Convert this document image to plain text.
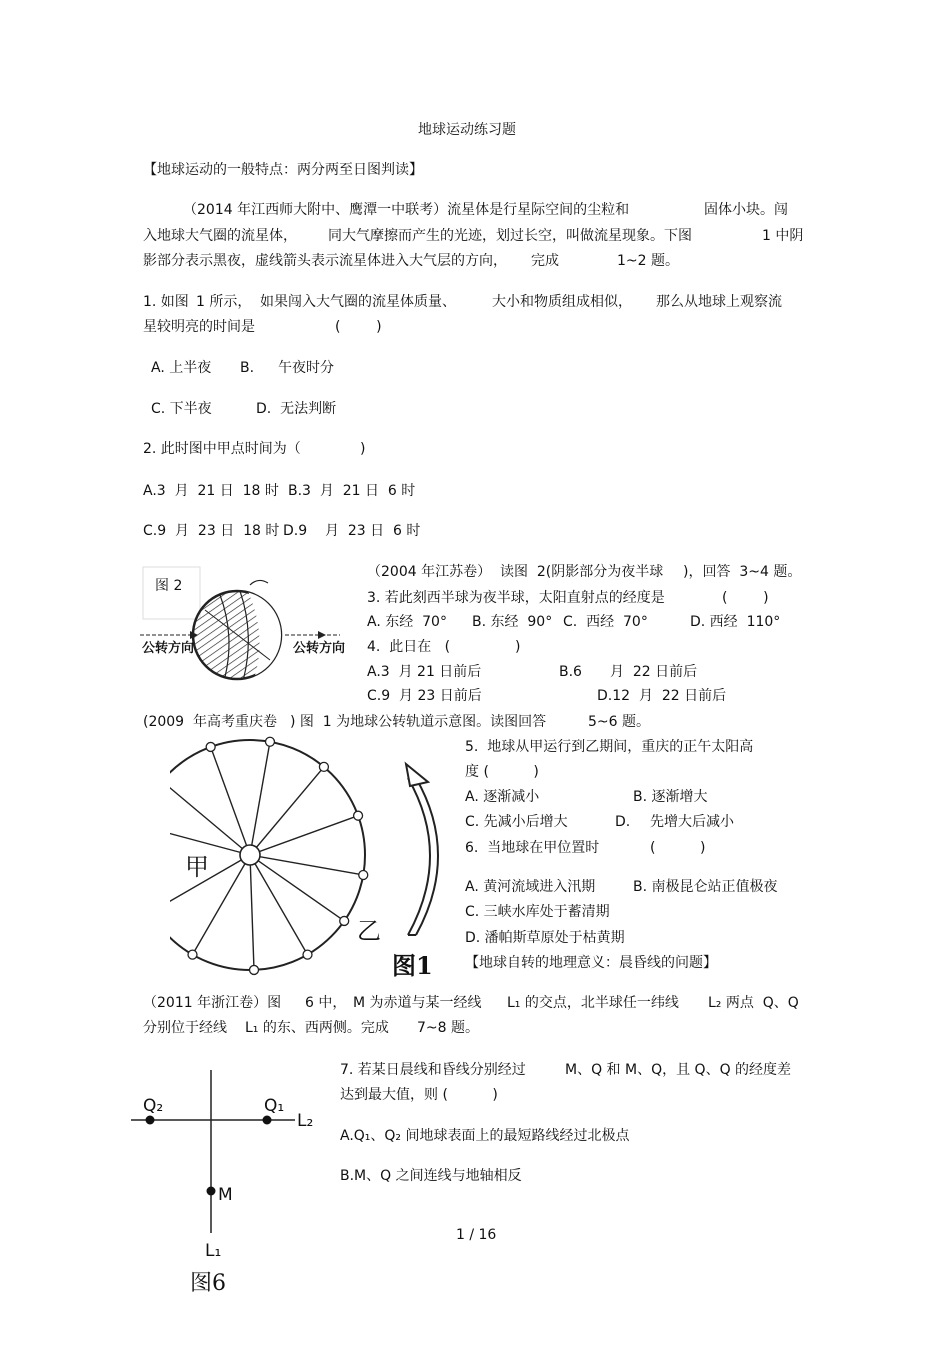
地球运动练习题
【地球运动的一般特点：两分两至日图判读】
（2014 年江西师大附中、鹰潭一中联考）流星体是行星际空间的尘粒和	固体小块。闯
入地球大气圈的流星体， 同大气摩擦而产生的光迹，划过长空，叫做流星现象。下图	1 中阴
影部分表示黑夜，虚线箭头表示流星体进入大气层的方向， 完成	1~2 题。
1. 如图 1 所示， 如果闯入大气圈的流星体质量、	大小和物质组成相似， 那么从地球上观察流
星较明亮的时间是	(        )
A. 上半夜 B. 午夜时分
C. 下半夜	D.  无法判断
2. 此时图中甲点时间为（	)
A.3  月  21 日  18 时 B.3  月  21 日  6 时
C.9  月  23 日  18 时 D.9    月  23 日  6 时
图 2
公转方向	公转方向
（2004 年江苏卷） 读图  2(阴影部分为夜半球 )，回答  3~4 题。
3. 若此刻西半球为夜半球，太阳直射点的经度是	(        )
A. 东经  70° B. 东经  90° C.  西经  70°	D. 西经  110°
4.  此日在   (	)
A.3  月 21 日前后	B.6 月  22 日前后
C.9  月 23 日前后	D.12  月  22 日前后
(2009  年高考重庆卷 ) 图  1 为地球公转轨道示意图。读图回答	5~6 题。
甲
乙
图1
5.  地球从甲运行到乙期间，重庆的正午太阳高
度 (          )
A. 逐渐减小	B. 逐渐增大
C. 先减小后增大	D. 先增大后减小
6.  当地球在甲位置时	(          )
A. 黄河流域进入汛期	B. 南极昆仑站正值极夜
C. 三峡水库处于蓄清期
D. 潘帕斯草原处于枯黄期
【地球自转的地理意义：晨昏线的问题】
（2011 年浙江卷）图 6 中， M 为赤道与某一经线 L₁ 的交点，北半球任一纬线 L₂ 两点  Q、Q
分别位于经线 L₁ 的东、西两侧。完成 7~8 题。
Q₂	Q₁
L₂
M
L₁
图6
7. 若某日晨线和昏线分别经过	M、Q 和 M、Q，且 Q、Q 的经度差
达到最大值，则 (          )
A.Q₁、Q₂ 间地球表面上的最短路线经过北极点
B.M、Q 之间连线与地轴相反
1 / 16
